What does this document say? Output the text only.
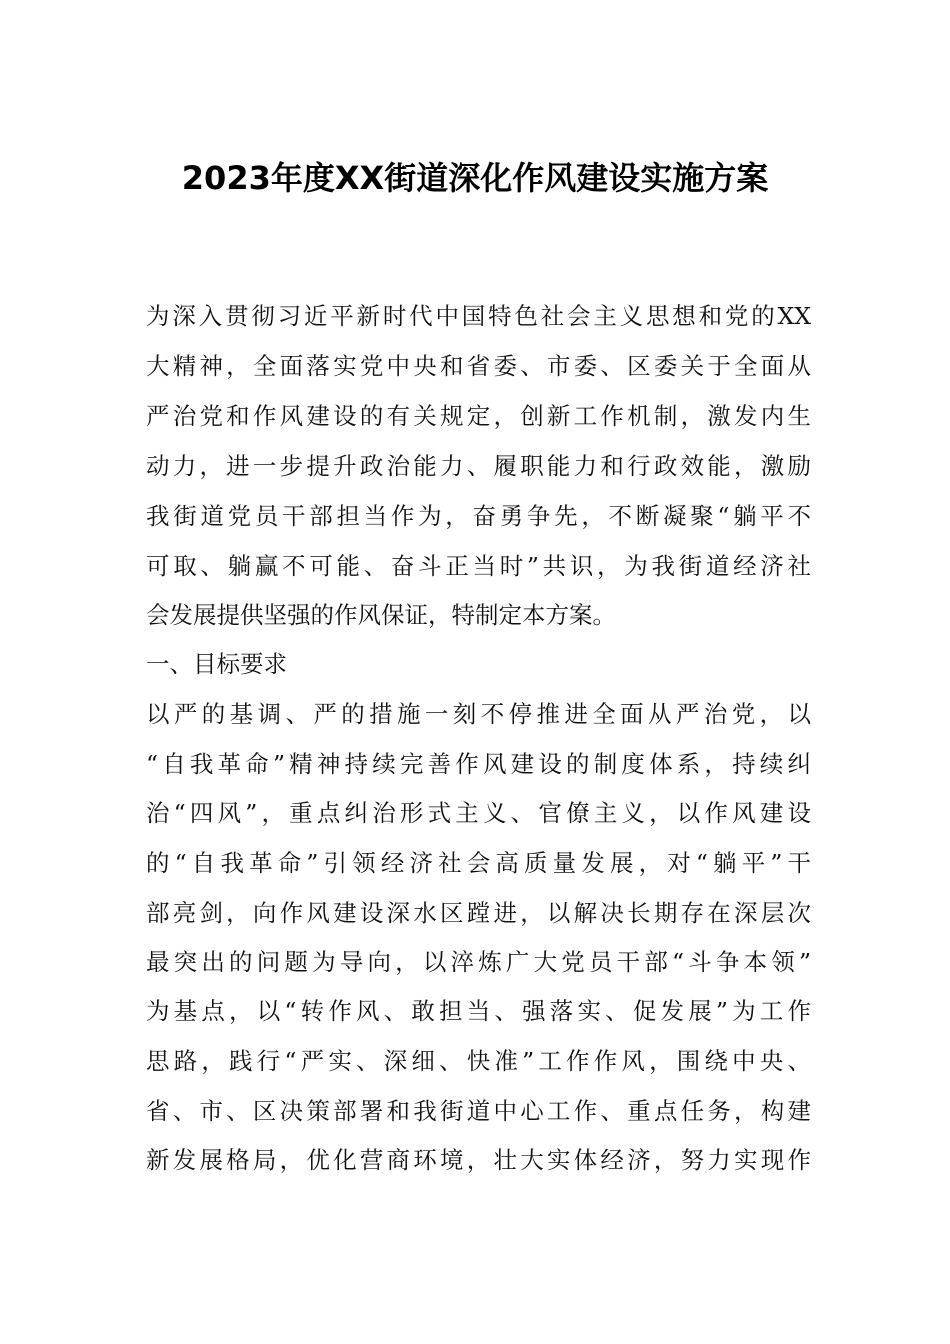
2023年度XX街道深化作风建设实施方案
为深入贯彻习近平新时代中国特色社会主义思想和党的XX
大精神，全面落实党中央和省委、市委、区委关于全面从
严治党和作风建设的有关规定，创新工作机制，激发内生
动力，进一步提升政治能力、履职能力和行政效能，激励
我街道党员干部担当作为，奋勇争先，不断凝聚“躺平不
可取、躺赢不可能、奋斗正当时”共识，为我街道经济社
会发展提供坚强的作风保证，特制定本方案。
一、目标要求
以严的基调、严的措施一刻不停推进全面从严治党，以
“自我革命”精神持续完善作风建设的制度体系，持续纠
治“四风”，重点纠治形式主义、官僚主义，以作风建设
的“自我革命”引领经济社会高质量发展，对“躺平”干
部亮剑，向作风建设深水区蹚进，以解决长期存在深层次
最突出的问题为导向，以淬炼广大党员干部“斗争本领”
为基点，以“转作风、敢担当、强落实、促发展”为工作
思路，践行“严实、深细、快准”工作作风，围绕中央、
省、市、区决策部署和我街道中心工作、重点任务，构建
新发展格局，优化营商环境，壮大实体经济，努力实现作
